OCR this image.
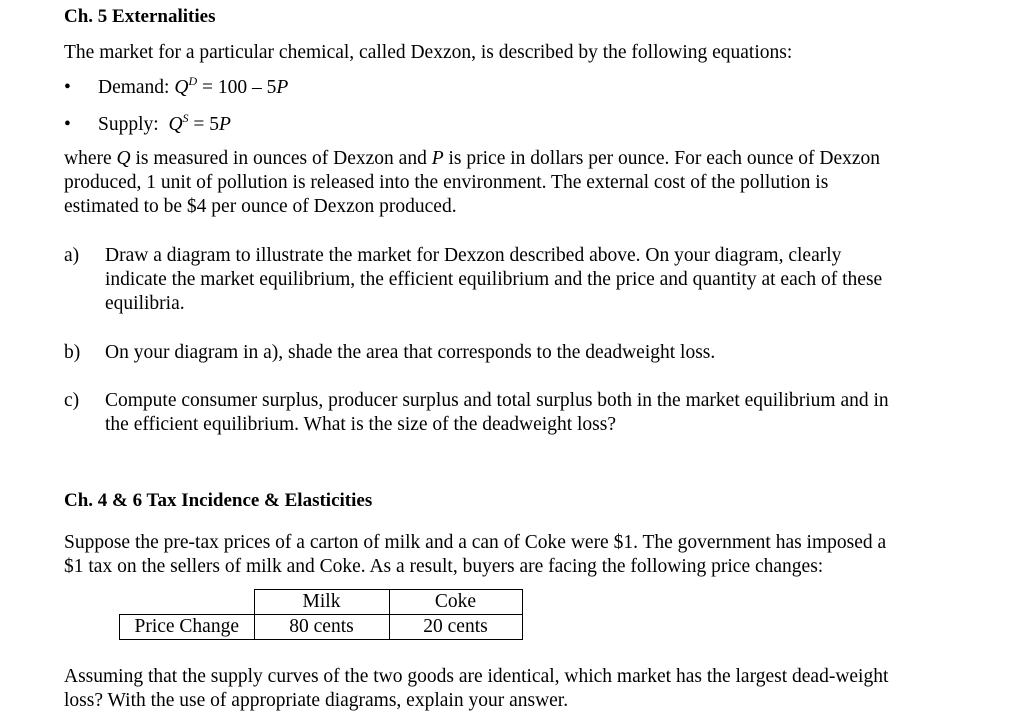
Ch. 5 Externalities
The market for a particular chemical, called Dexzon, is described by the following equations:
• Demand: $Q^D = 100 - 5P$
• Supply: $Q^S = 5P$
where Q is measured in ounces of Dexzon and P is price in dollars per ounce. For each ounce of Dexzon
produced, 1 unit of pollution is released into the environment. The external cost of the pollution is
estimated to be $4 per ounce of Dexzon produced.
a) Draw a diagram to illustrate the market for Dexzon described above. On your diagram, clearly
indicate the market equilibrium, the efficient equilibrium and the price and quantity at each of these
equilibria.
b) On your diagram in a), shade the area that corresponds to the deadweight loss.
c) Compute consumer surplus, producer surplus and total surplus both in the market equilibrium and in
the efficient equilibrium. What is the size of the deadweight loss?
Ch. 4 & 6 Tax Incidence & Elasticities
Suppose the pre-tax prices of a carton of milk and a can of Coke were $1. The government has imposed a
$1 tax on the sellers of milk and Coke. As a result, buyers are facing the following price changes:
	Milk	Coke
Price Change	80 cents	20 cents
Assuming that the supply curves of the two goods are identical, which market has the largest dead-weight
loss? With the use of appropriate diagrams, explain your answer.
